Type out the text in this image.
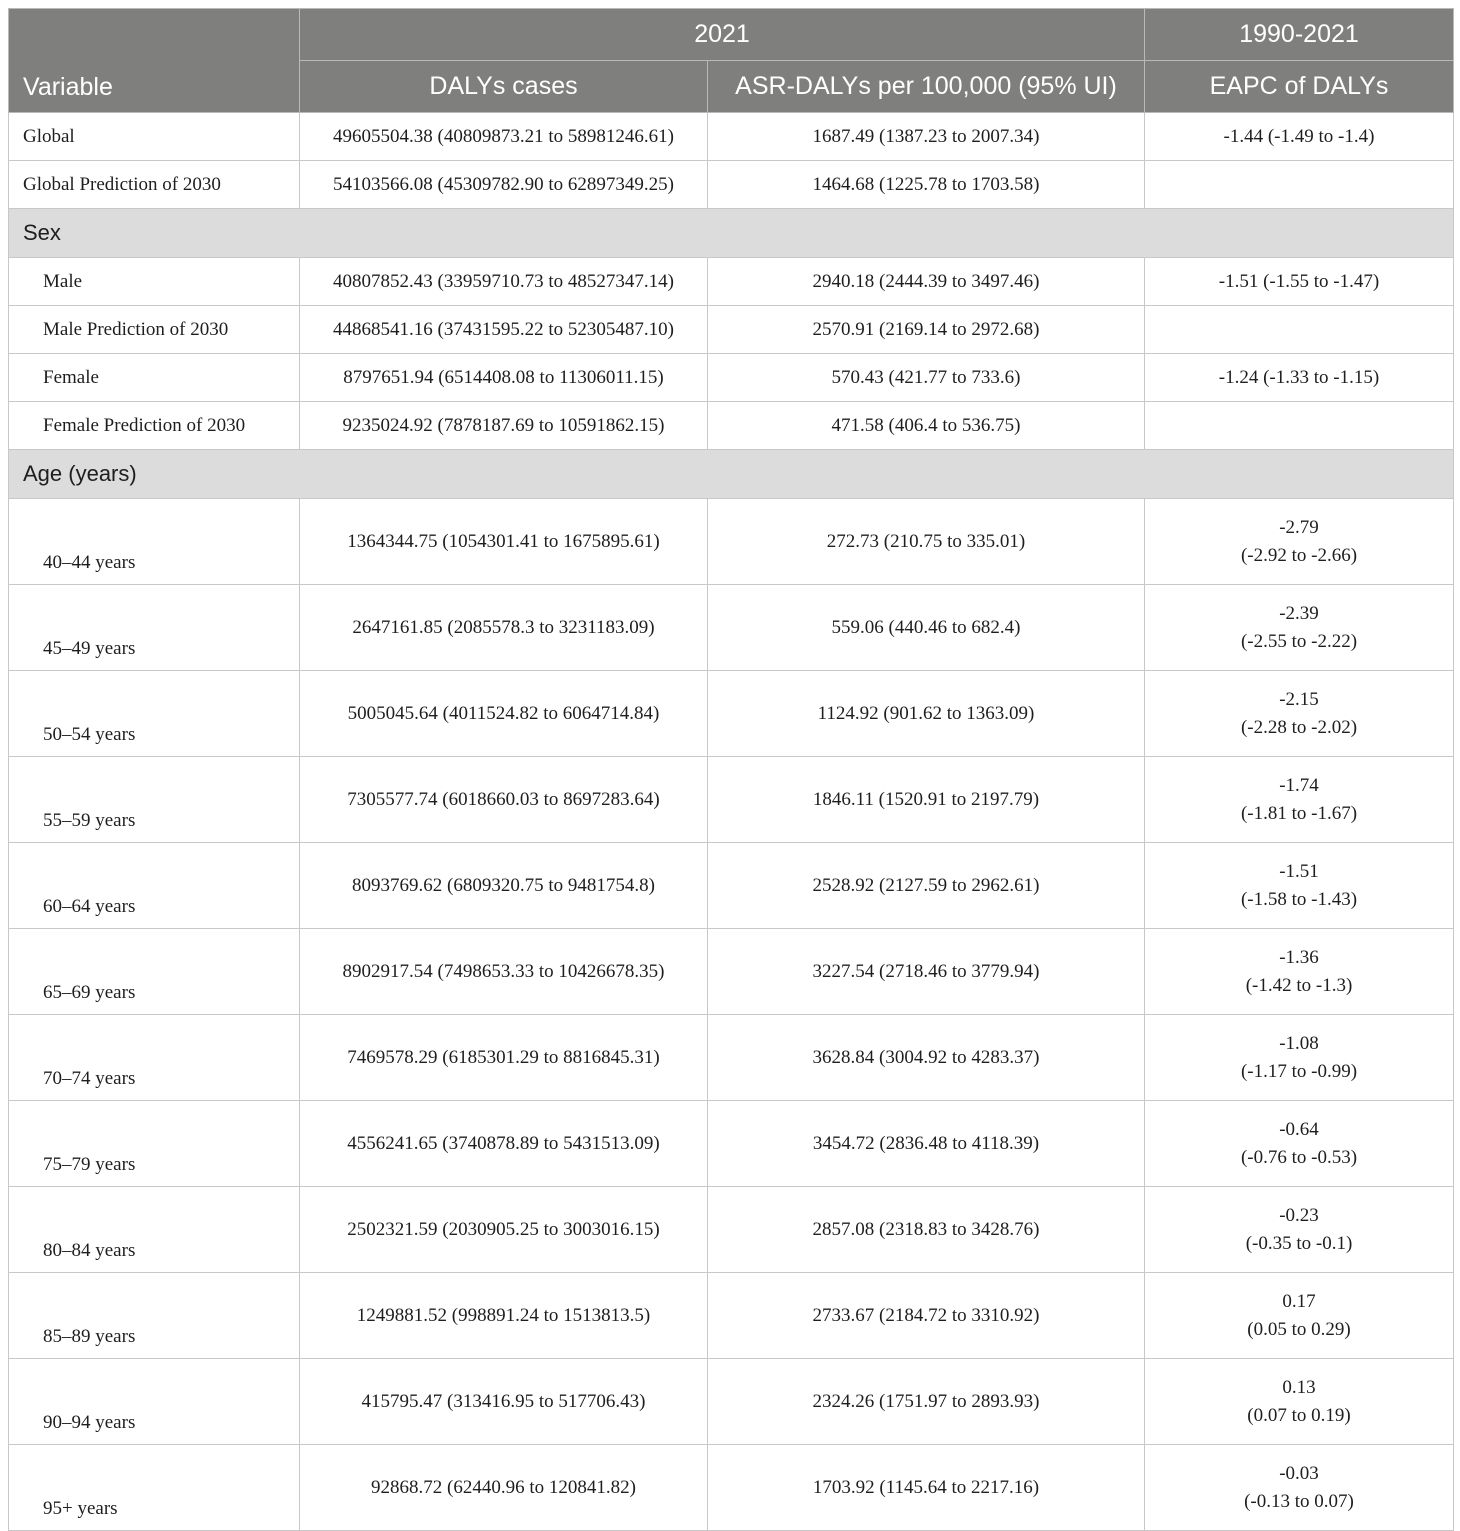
Variable	2021		1990-2021
	DALYs cases	ASR-DALYs per 100,000 (95% UI)	EAPC of DALYs
Global	49605504.38 (40809873.21 to 58981246.61)	1687.49 (1387.23 to 2007.34)	-1.44 (-1.49 to -1.4)
Global Prediction of 2030	54103566.08 (45309782.90 to 62897349.25)	1464.68 (1225.78 to 1703.58)	
Sex			
Male	40807852.43 (33959710.73 to 48527347.14)	2940.18 (2444.39 to 3497.46)	-1.51 (-1.55 to -1.47)
Male Prediction of 2030	44868541.16 (37431595.22 to 52305487.10)	2570.91 (2169.14 to 2972.68)	
Female	8797651.94 (6514408.08 to 11306011.15)	570.43 (421.77 to 733.6)	-1.24 (-1.33 to -1.15)
Female Prediction of 2030	9235024.92 (7878187.69 to 10591862.15)	471.58 (406.4 to 536.75)	
Age (years)			
40–44 years	1364344.75 (1054301.41 to 1675895.61)	272.73 (210.75 to 335.01)	-2.79
(-2.92 to -2.66)

45–49 years	2647161.85 (2085578.3 to 3231183.09)	559.06 (440.46 to 682.4)	-2.39
(-2.55 to -2.22)

50–54 years	5005045.64 (4011524.82 to 6064714.84)	1124.92 (901.62 to 1363.09)	-2.15
(-2.28 to -2.02)

55–59 years	7305577.74 (6018660.03 to 8697283.64)	1846.11 (1520.91 to 2197.79)	-1.74
(-1.81 to -1.67)

60–64 years	8093769.62 (6809320.75 to 9481754.8)	2528.92 (2127.59 to 2962.61)	-1.51
(-1.58 to -1.43)

65–69 years	8902917.54 (7498653.33 to 10426678.35)	3227.54 (2718.46 to 3779.94)	-1.36
(-1.42 to -1.3)

70–74 years	7469578.29 (6185301.29 to 8816845.31)	3628.84 (3004.92 to 4283.37)	-1.08
(-1.17 to -0.99)

75–79 years	4556241.65 (3740878.89 to 5431513.09)	3454.72 (2836.48 to 4118.39)	-0.64
(-0.76 to -0.53)

80–84 years	2502321.59 (2030905.25 to 3003016.15)	2857.08 (2318.83 to 3428.76)	-0.23
(-0.35 to -0.1)

85–89 years	1249881.52 (998891.24 to 1513813.5)	2733.67 (2184.72 to 3310.92)	0.17
(0.05 to 0.29)

90–94 years	415795.47 (313416.95 to 517706.43)	2324.26 (1751.97 to 2893.93)	0.13
(0.07 to 0.19)

95+ years	92868.72 (62440.96 to 120841.82)	1703.92 (1145.64 to 2217.16)	-0.03
(-0.13 to 0.07)
